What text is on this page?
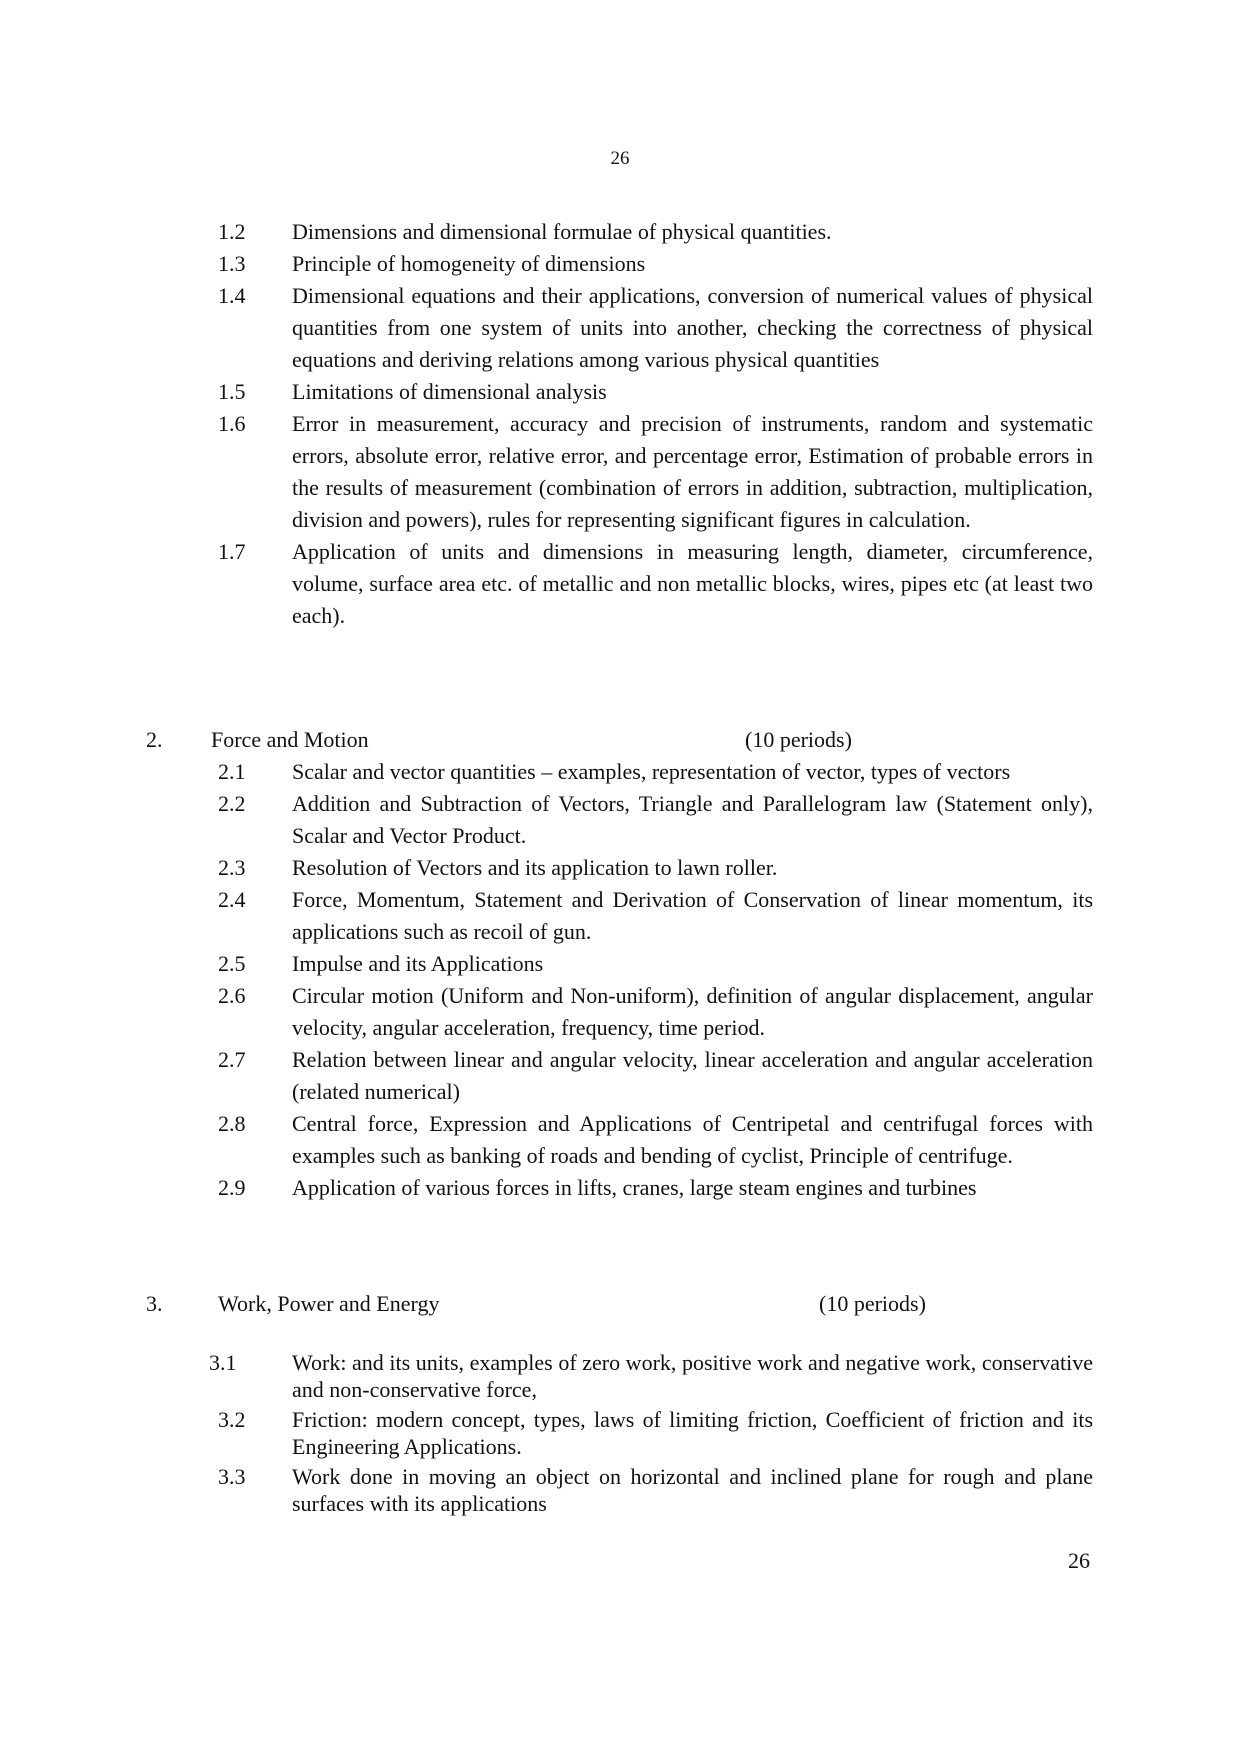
26
1.2 Dimensions and dimensional formulae of physical quantities.
1.3 Principle of homogeneity of dimensions
1.4 Dimensional equations and their applications, conversion of numerical values of physical quantities from one system of units into another, checking the correctness of physical equations and deriving relations among various physical quantities
1.5 Limitations of dimensional analysis
1.6 Error in measurement, accuracy and precision of instruments, random and systematic errors, absolute error, relative error, and percentage error, Estimation of probable errors in the results of measurement (combination of errors in addition, subtraction, multiplication, division and powers), rules for representing significant figures in calculation.
1.7 Application of units and dimensions in measuring length, diameter, circumference, volume, surface area etc. of metallic and non metallic blocks, wires, pipes etc (at least two each).
2. Force and Motion	(10 periods)
2.1 Scalar and vector quantities – examples, representation of vector, types of vectors
2.2 Addition and Subtraction of Vectors, Triangle and Parallelogram law (Statement only), Scalar and Vector Product.
2.3 Resolution of Vectors and its application to lawn roller.
2.4 Force, Momentum, Statement and Derivation of Conservation of linear momentum, its applications such as recoil of gun.
2.5 Impulse and its Applications
2.6 Circular motion (Uniform and Non-uniform), definition of angular displacement, angular velocity, angular acceleration, frequency, time period.
2.7 Relation between linear and angular velocity, linear acceleration and angular acceleration (related numerical)
2.8 Central force, Expression and Applications of Centripetal and centrifugal forces with examples such as banking of roads and bending of cyclist, Principle of centrifuge.
2.9 Application of various forces in lifts, cranes, large steam engines and turbines
3.	Work, Power and Energy	(10 periods)
3.1	Work: and its units, examples of zero work, positive work and negative work, conservative and non-conservative force,
3.2 Friction: modern concept, types, laws of limiting friction, Coefficient of friction and its Engineering Applications.
3.3 Work done in moving an object on horizontal and inclined plane for rough and plane surfaces with its applications
26
